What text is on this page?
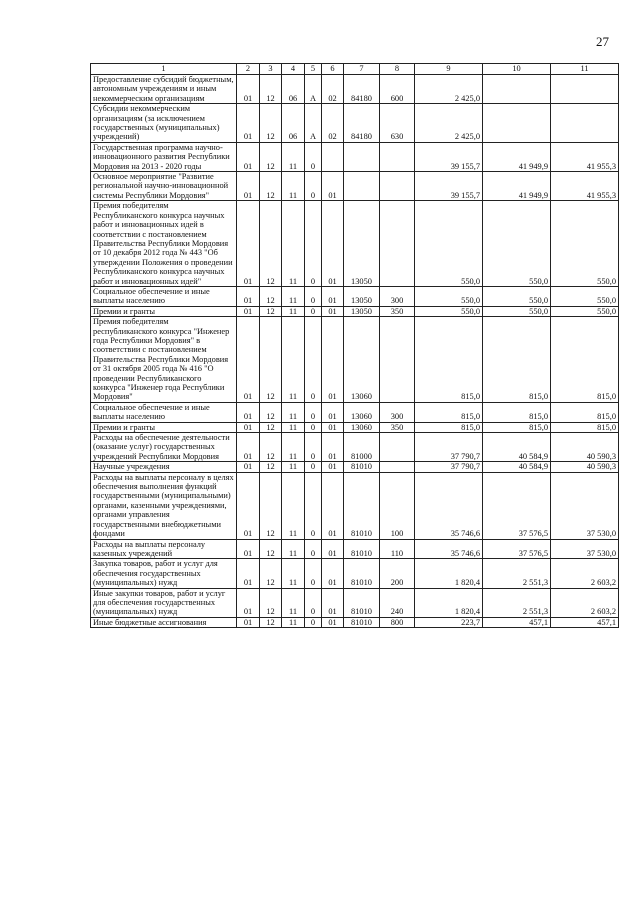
27
1	2	3	4	5	6	7	8	9	10	11
Предоставление субсидий бюджетным, автономным учреждениям и иным некоммерческим организациям	01	12	06	А	02	84180	600	2 425,0		
Субсидии некоммерческим организациям (за исключением государственных (муниципальных) учреждений)	01	12	06	А	02	84180	630	2 425,0		
Государственная программа научно-инновационного развития Республики Мордовия на 2013 - 2020 годы	01	12	11	0				39 155,7	41 949,9	41 955,3
Основное мероприятие "Развитие региональной научно-инновационной системы Республики Мордовия"	01	12	11	0	01			39 155,7	41 949,9	41 955,3
Премия победителям Республиканского конкурса научных работ и инновационных идей в соответствии с постановлением Правительства Республики Мордовия от 10 декабря 2012 года № 443 "Об утверждении Положения о проведении Республиканского конкурса научных работ и инновационных идей"	01	12	11	0	01	13050		550,0	550,0	550,0
Социальное обеспечение и иные выплаты населению	01	12	11	0	01	13050	300	550,0	550,0	550,0
Премии и гранты	01	12	11	0	01	13050	350	550,0	550,0	550,0
Премия победителям республиканского конкурса "Инженер года Республики Мордовия" в соответствии с постановлением Правительства Республики Мордовия от 31 октября 2005 года № 416 "О проведении Республиканского конкурса "Инженер года Республики Мордовия"	01	12	11	0	01	13060		815,0	815,0	815,0
Социальное обеспечение и иные выплаты населению	01	12	11	0	01	13060	300	815,0	815,0	815,0
Премии и гранты	01	12	11	0	01	13060	350	815,0	815,0	815,0
Расходы на обеспечение деятельности (оказание услуг) государственных учреждений Республики Мордовия	01	12	11	0	01	81000		37 790,7	40 584,9	40 590,3
Научные учреждения	01	12	11	0	01	81010		37 790,7	40 584,9	40 590,3
Расходы на выплаты персоналу в целях обеспечения выполнения функций государственными (муниципальными) органами, казенными учреждениями, органами управления государственными внебюджетными фондами	01	12	11	0	01	81010	100	35 746,6	37 576,5	37 530,0
Расходы на выплаты персоналу казенных учреждений	01	12	11	0	01	81010	110	35 746,6	37 576,5	37 530,0
Закупка товаров, работ и услуг для обеспечения государственных (муниципальных) нужд	01	12	11	0	01	81010	200	1 820,4	2 551,3	2 603,2
Иные закупки товаров, работ и услуг для обеспечения государственных (муниципальных) нужд	01	12	11	0	01	81010	240	1 820,4	2 551,3	2 603,2
Иные бюджетные ассигнования	01	12	11	0	01	81010	800	223,7	457,1	457,1
